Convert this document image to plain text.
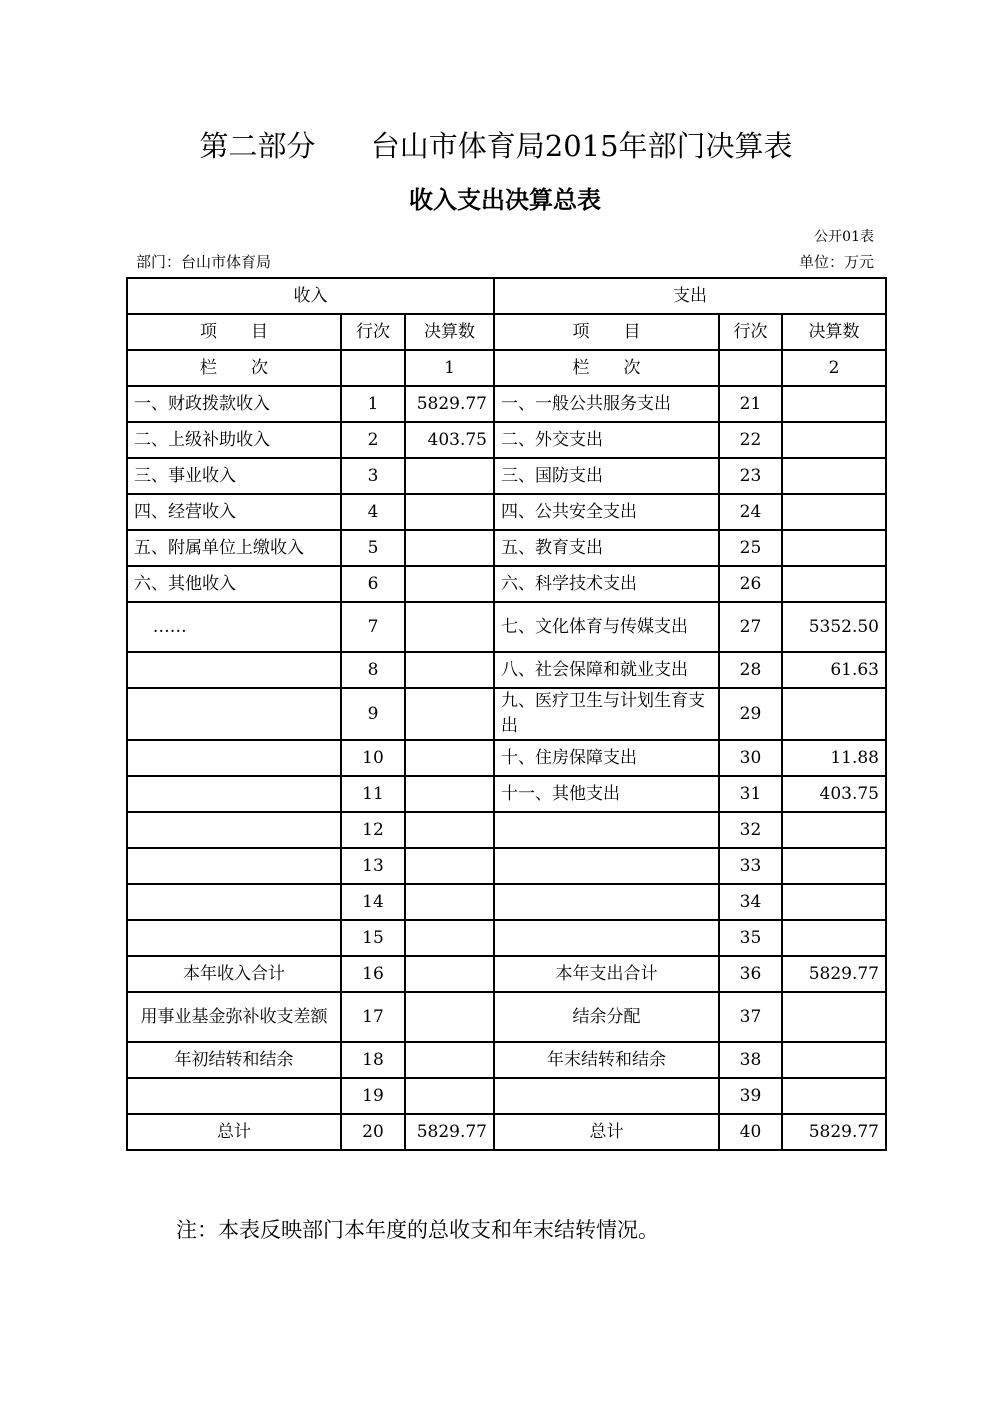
第二部分      台山市体育局2015年部门决算表
收入支出决算总表
公开01表
部门：台山市体育局	单位：万元
收入			支出		
项　　目	行次	决算数	项　　目	行次	决算数
栏　　次		1	栏　　次		2
一、财政拨款收入	1	5829.77	一、一般公共服务支出	21	
二、上级补助收入	2	403.75	二、外交支出	22	
三、事业收入	3		三、国防支出	23	
四、经营收入	4		四、公共安全支出	24	
五、附属单位上缴收入	5		五、教育支出	25	
六、其他收入	6		六、科学技术支出	26	
……	7		七、文化体育与传媒支出	27	5352.50
	8		八、社会保障和就业支出	28	61.63
	9		九、医疗卫生与计划生育支出	29	
	10		十、住房保障支出	30	11.88
	11		十一、其他支出	31	403.75
	12			32	
	13			33	
	14			34	
	15			35	
本年收入合计	16		本年支出合计	36	5829.77
用事业基金弥补收支差额	17		结余分配	37	
年初结转和结余	18		年末结转和结余	38	
	19			39	
总计	20	5829.77	总计	40	5829.77
注：本表反映部门本年度的总收支和年末结转情况。
